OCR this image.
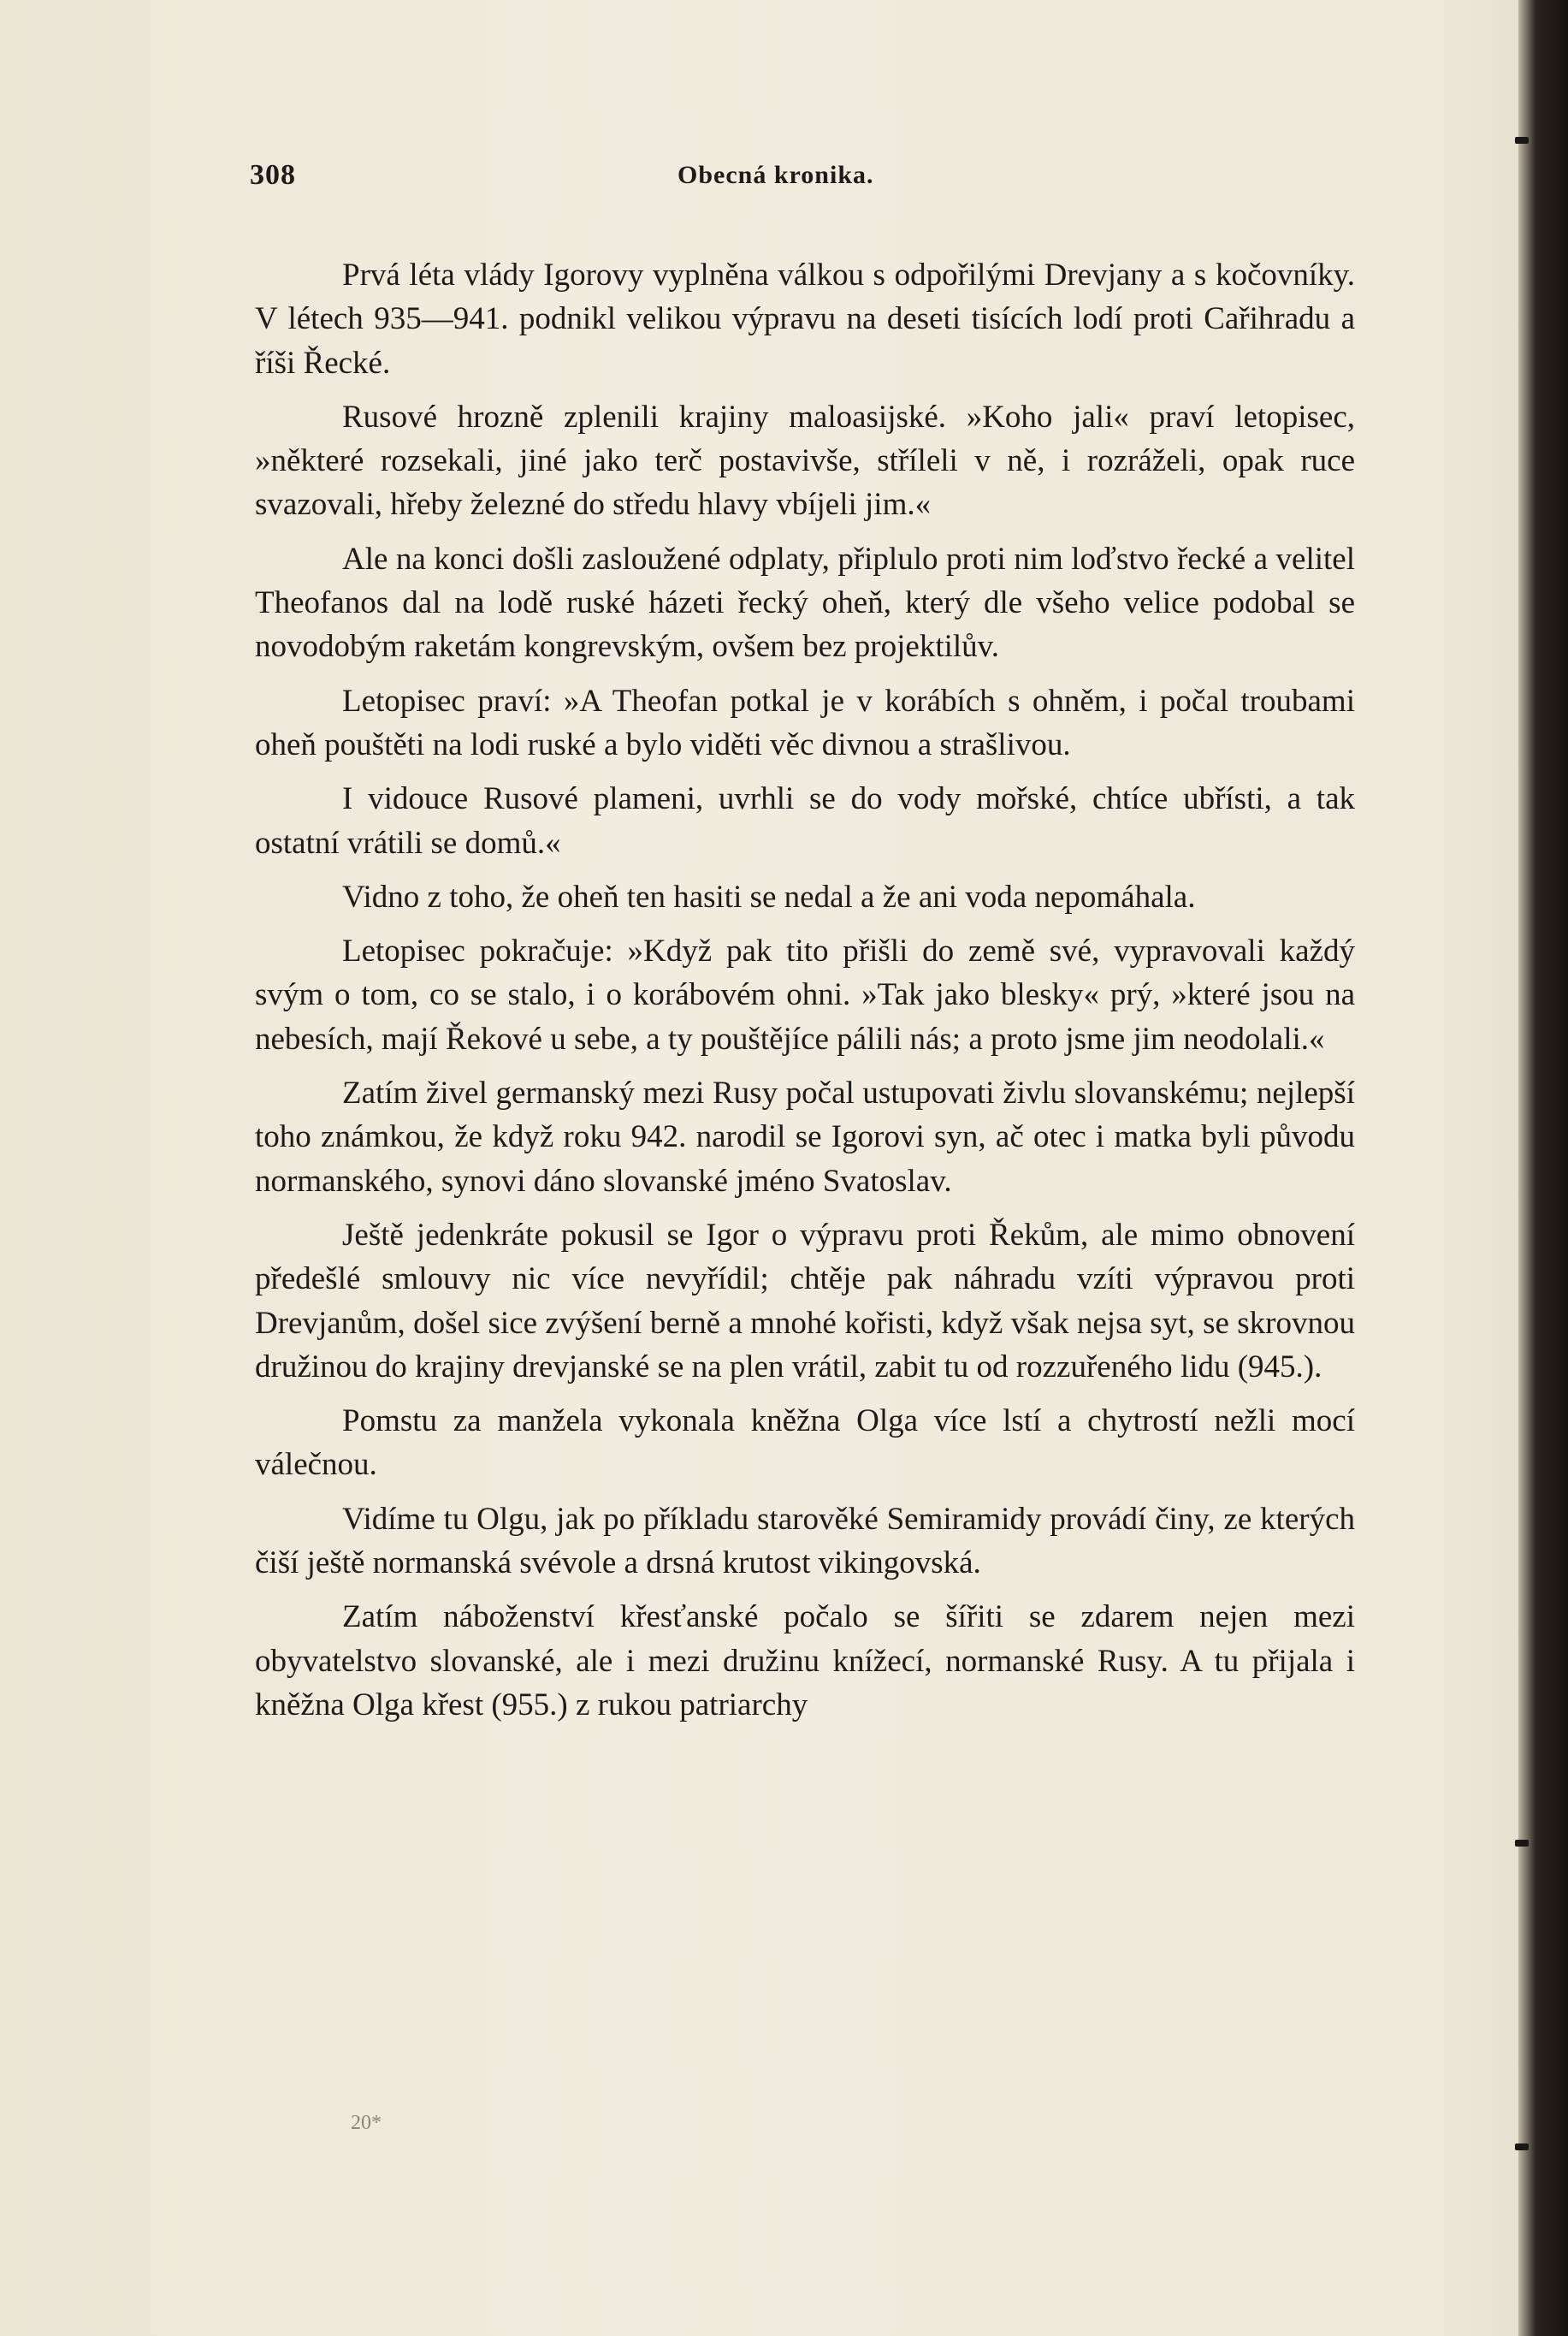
308	Obecná kronika.

Prvá léta vlády Igorovy vyplněna válkou s odpořilými Drevjany a s kočovníky. V létech 935—941. podnikl velikou výpravu na deseti tisících lodí proti Cařihradu a říši Řecké.

Rusové hrozně zplenili krajiny maloasijské. »Koho jali« praví letopisec, »některé rozsekali, jiné jako terč postavivše, stříleli v ně, i rozráželi, opak ruce svazovali, hřeby železné do středu hlavy vbíjeli jim.«

Ale na konci došli zasloužené odplaty, připlulo proti nim loďstvo řecké a velitel Theofanos dal na lodě ruské házeti řecký oheň, který dle všeho velice podobal se novodobým raketám kongrevským, ovšem bez projektilův.

Letopisec praví: »A Theofan potkal je v korábích s ohněm, i počal troubami oheň pouštěti na lodi ruské a bylo viděti věc divnou a strašlivou.

I vidouce Rusové plameni, uvrhli se do vody mořské, chtíce ubřísti, a tak ostatní vrátili se domů.«

Vidno z toho, že oheň ten hasiti se nedal a že ani voda nepomáhala.

Letopisec pokračuje: »Když pak tito přišli do země své, vypravovali každý svým o tom, co se stalo, i o korábovém ohni. »Tak jako blesky« prý, »které jsou na nebesích, mají Řekové u sebe, a ty pouštějíce pálili nás; a proto jsme jim neodolali.«

Zatím živel germanský mezi Rusy počal ustupovati živlu slovanskému; nejlepší toho známkou, že když roku 942. narodil se Igorovi syn, ač otec i matka byli původu normanského, synovi dáno slovanské jméno Svatoslav.

Ještě jedenkráte pokusil se Igor o výpravu proti Řekům, ale mimo obnovení předešlé smlouvy nic více nevyřídil; chtěje pak náhradu vzíti výpravou proti Drevjanům, došel sice zvýšení berně a mnohé kořisti, když však nejsa syt, se skrovnou družinou do krajiny drevjanské se na plen vrátil, zabit tu od rozzuřeného lidu (945.).

Pomstu za manžela vykonala kněžna Olga více lstí a chytrostí nežli mocí válečnou.

Vidíme tu Olgu, jak po příkladu starověké Semiramidy provádí činy, ze kterých čiší ještě normanská svévole a drsná krutost vikingovská.

Zatím náboženství křesťanské počalo se šířiti se zdarem nejen mezi obyvatelstvo slovanské, ale i mezi družinu knížecí, normanské Rusy. A tu přijala i kněžna Olga křest (955.) z rukou patriarchy

20*
